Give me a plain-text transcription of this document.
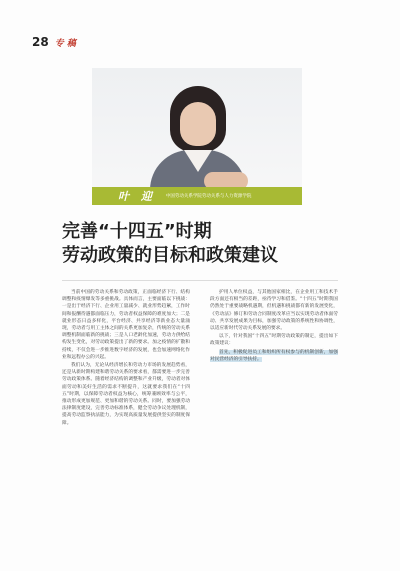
28 专 稿
叶 迎 中国劳动关系学院劳动关系与人力资源学院
完善“十四五”时期
劳动政策的目标和政策建议

当前中国的劳动关系和劳动政策，正面临经济下行、结构调整和疫情爆发等多重挑战。具体而言，主要面临以下挑战：一是出于经济下行、企业用工量减少、就业形势趋紧，工作时间和报酬待遇都面临压力，劳动者权益保障的难度加大；二是就业形态日益多样化，平台经济、共享经济等新业态大量涌现，劳动者与用工主体之间的关系更加复杂，传统的劳动关系调整机制面临新的挑战；三是人口老龄化加速，劳动力供给结构发生变化，对劳动政策提出了新的要求。加之疫情的扩散和持续，不仅会进一步推进数字经济的发展，也会加速网络化作业和远程办公的兴起。

我们认为，无论从经济增长和劳动力市场的发展趋势看，还是从新时期构建和谐劳动关系的要求看，都需要进一步完善劳动政策体系。随着经济结构的调整和产业升级，劳动者对体面劳动和美好生活的需求不断提升，这就要求我们在“十四五”时期，以保障劳动者权益为核心，统筹兼顾效率与公平，推动形成更加规范、更加和谐的劳动关系。同时，要加强劳动法律制度建设，完善劳动标准体系，健全劳动争议处理机制，提高劳动监察执法能力，为实现高质量发展提供坚实的制度保障。

护用人单位权益，与其他国家相比，在企业用工和技术手段方面还有相当的差距，亟待学习和借鉴。“十四五”时期我国仍然处于重要战略机遇期，但机遇和挑战都有新的发展变化，《劳动法》修订和劳动合同制度改革应当以实现劳动者体面劳动、共享发展成果为目标，加强劳动政策的系统性和协调性，以适应新时代劳动关系发展的要求。

以下，针对我国“十四五”时期劳动政策的制定，提出如下政策建议：

首先，积极促进员工和组织所有权参与的机制创新，加强对民营经济的引导扶持。
